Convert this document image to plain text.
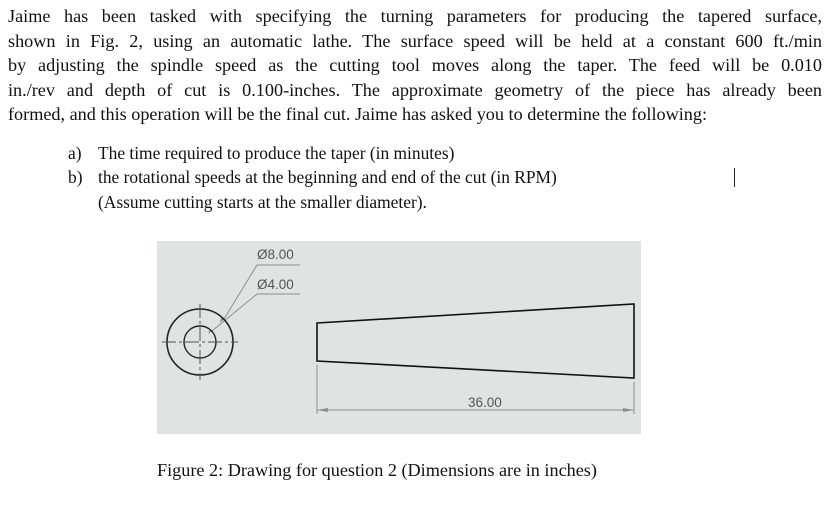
Jaime has been tasked with specifying the turning parameters for producing the tapered surface,
shown in Fig. 2, using an automatic lathe. The surface speed will be held at a constant 600 ft./min
by adjusting the spindle speed as the cutting tool moves along the taper. The feed will be 0.010
in./rev and depth of cut is 0.100-inches. The approximate geometry of the piece has already been
formed, and this operation will be the final cut. Jaime has asked you to determine the following:
a) The time required to produce the taper (in minutes)
b) the rotational speeds at the beginning and end of the cut (in RPM)
(Assume cutting starts at the smaller diameter).
Ø8.00
Ø4.00
36.00
Figure 2: Drawing for question 2 (Dimensions are in inches)
